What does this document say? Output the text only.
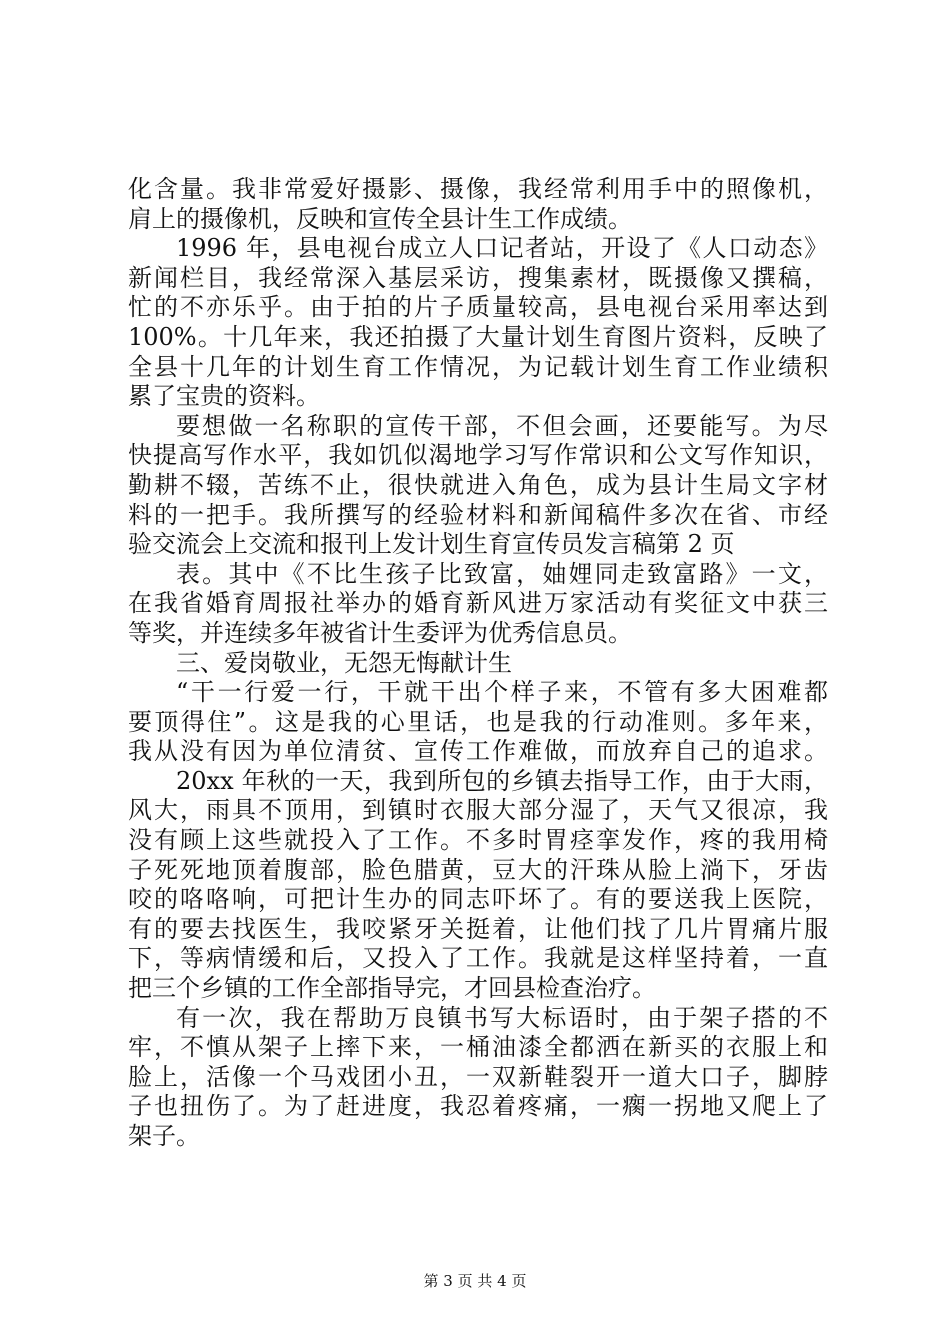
化含量。我非常爱好摄影、摄像，我经常利用手中的照像机，
肩上的摄像机，反映和宣传全县计生工作成绩。
1996 年，县电视台成立人口记者站，开设了《人口动态》
新闻栏目，我经常深入基层采访，搜集素材，既摄像又撰稿，
忙的不亦乐乎。由于拍的片子质量较高，县电视台采用率达到
100%。十几年来，我还拍摄了大量计划生育图片资料，反映了
全县十几年的计划生育工作情况，为记载计划生育工作业绩积
累了宝贵的资料。
要想做一名称职的宣传干部，不但会画，还要能写。为尽
快提高写作水平，我如饥似渴地学习写作常识和公文写作知识，
勤耕不辍，苦练不止，很快就进入角色，成为县计生局文字材
料的一把手。我所撰写的经验材料和新闻稿件多次在省、市经
验交流会上交流和报刊上发计划生育宣传员发言稿第 2 页
表。其中《不比生孩子比致富，妯娌同走致富路》一文，
在我省婚育周报社举办的婚育新风进万家活动有奖征文中获三
等奖，并连续多年被省计生委评为优秀信息员。
三、爱岗敬业，无怨无悔献计生
“干一行爱一行，干就干出个样子来，不管有多大困难都
要顶得住”。这是我的心里话，也是我的行动准则。多年来，
我从没有因为单位清贫、宣传工作难做，而放弃自己的追求。
20xx 年秋的一天，我到所包的乡镇去指导工作，由于大雨，
风大，雨具不顶用，到镇时衣服大部分湿了，天气又很凉，我
没有顾上这些就投入了工作。不多时胃痉挛发作，疼的我用椅
子死死地顶着腹部，脸色腊黄，豆大的汗珠从脸上淌下，牙齿
咬的咯咯响，可把计生办的同志吓坏了。有的要送我上医院，
有的要去找医生，我咬紧牙关挺着，让他们找了几片胃痛片服
下，等病情缓和后，又投入了工作。我就是这样坚持着，一直
把三个乡镇的工作全部指导完，才回县检查治疗。
有一次，我在帮助万良镇书写大标语时，由于架子搭的不
牢，不慎从架子上摔下来，一桶油漆全都洒在新买的衣服上和
脸上，活像一个马戏团小丑，一双新鞋裂开一道大口子，脚脖
子也扭伤了。为了赶进度，我忍着疼痛，一瘸一拐地又爬上了
架子。
第 3 页 共 4 页
